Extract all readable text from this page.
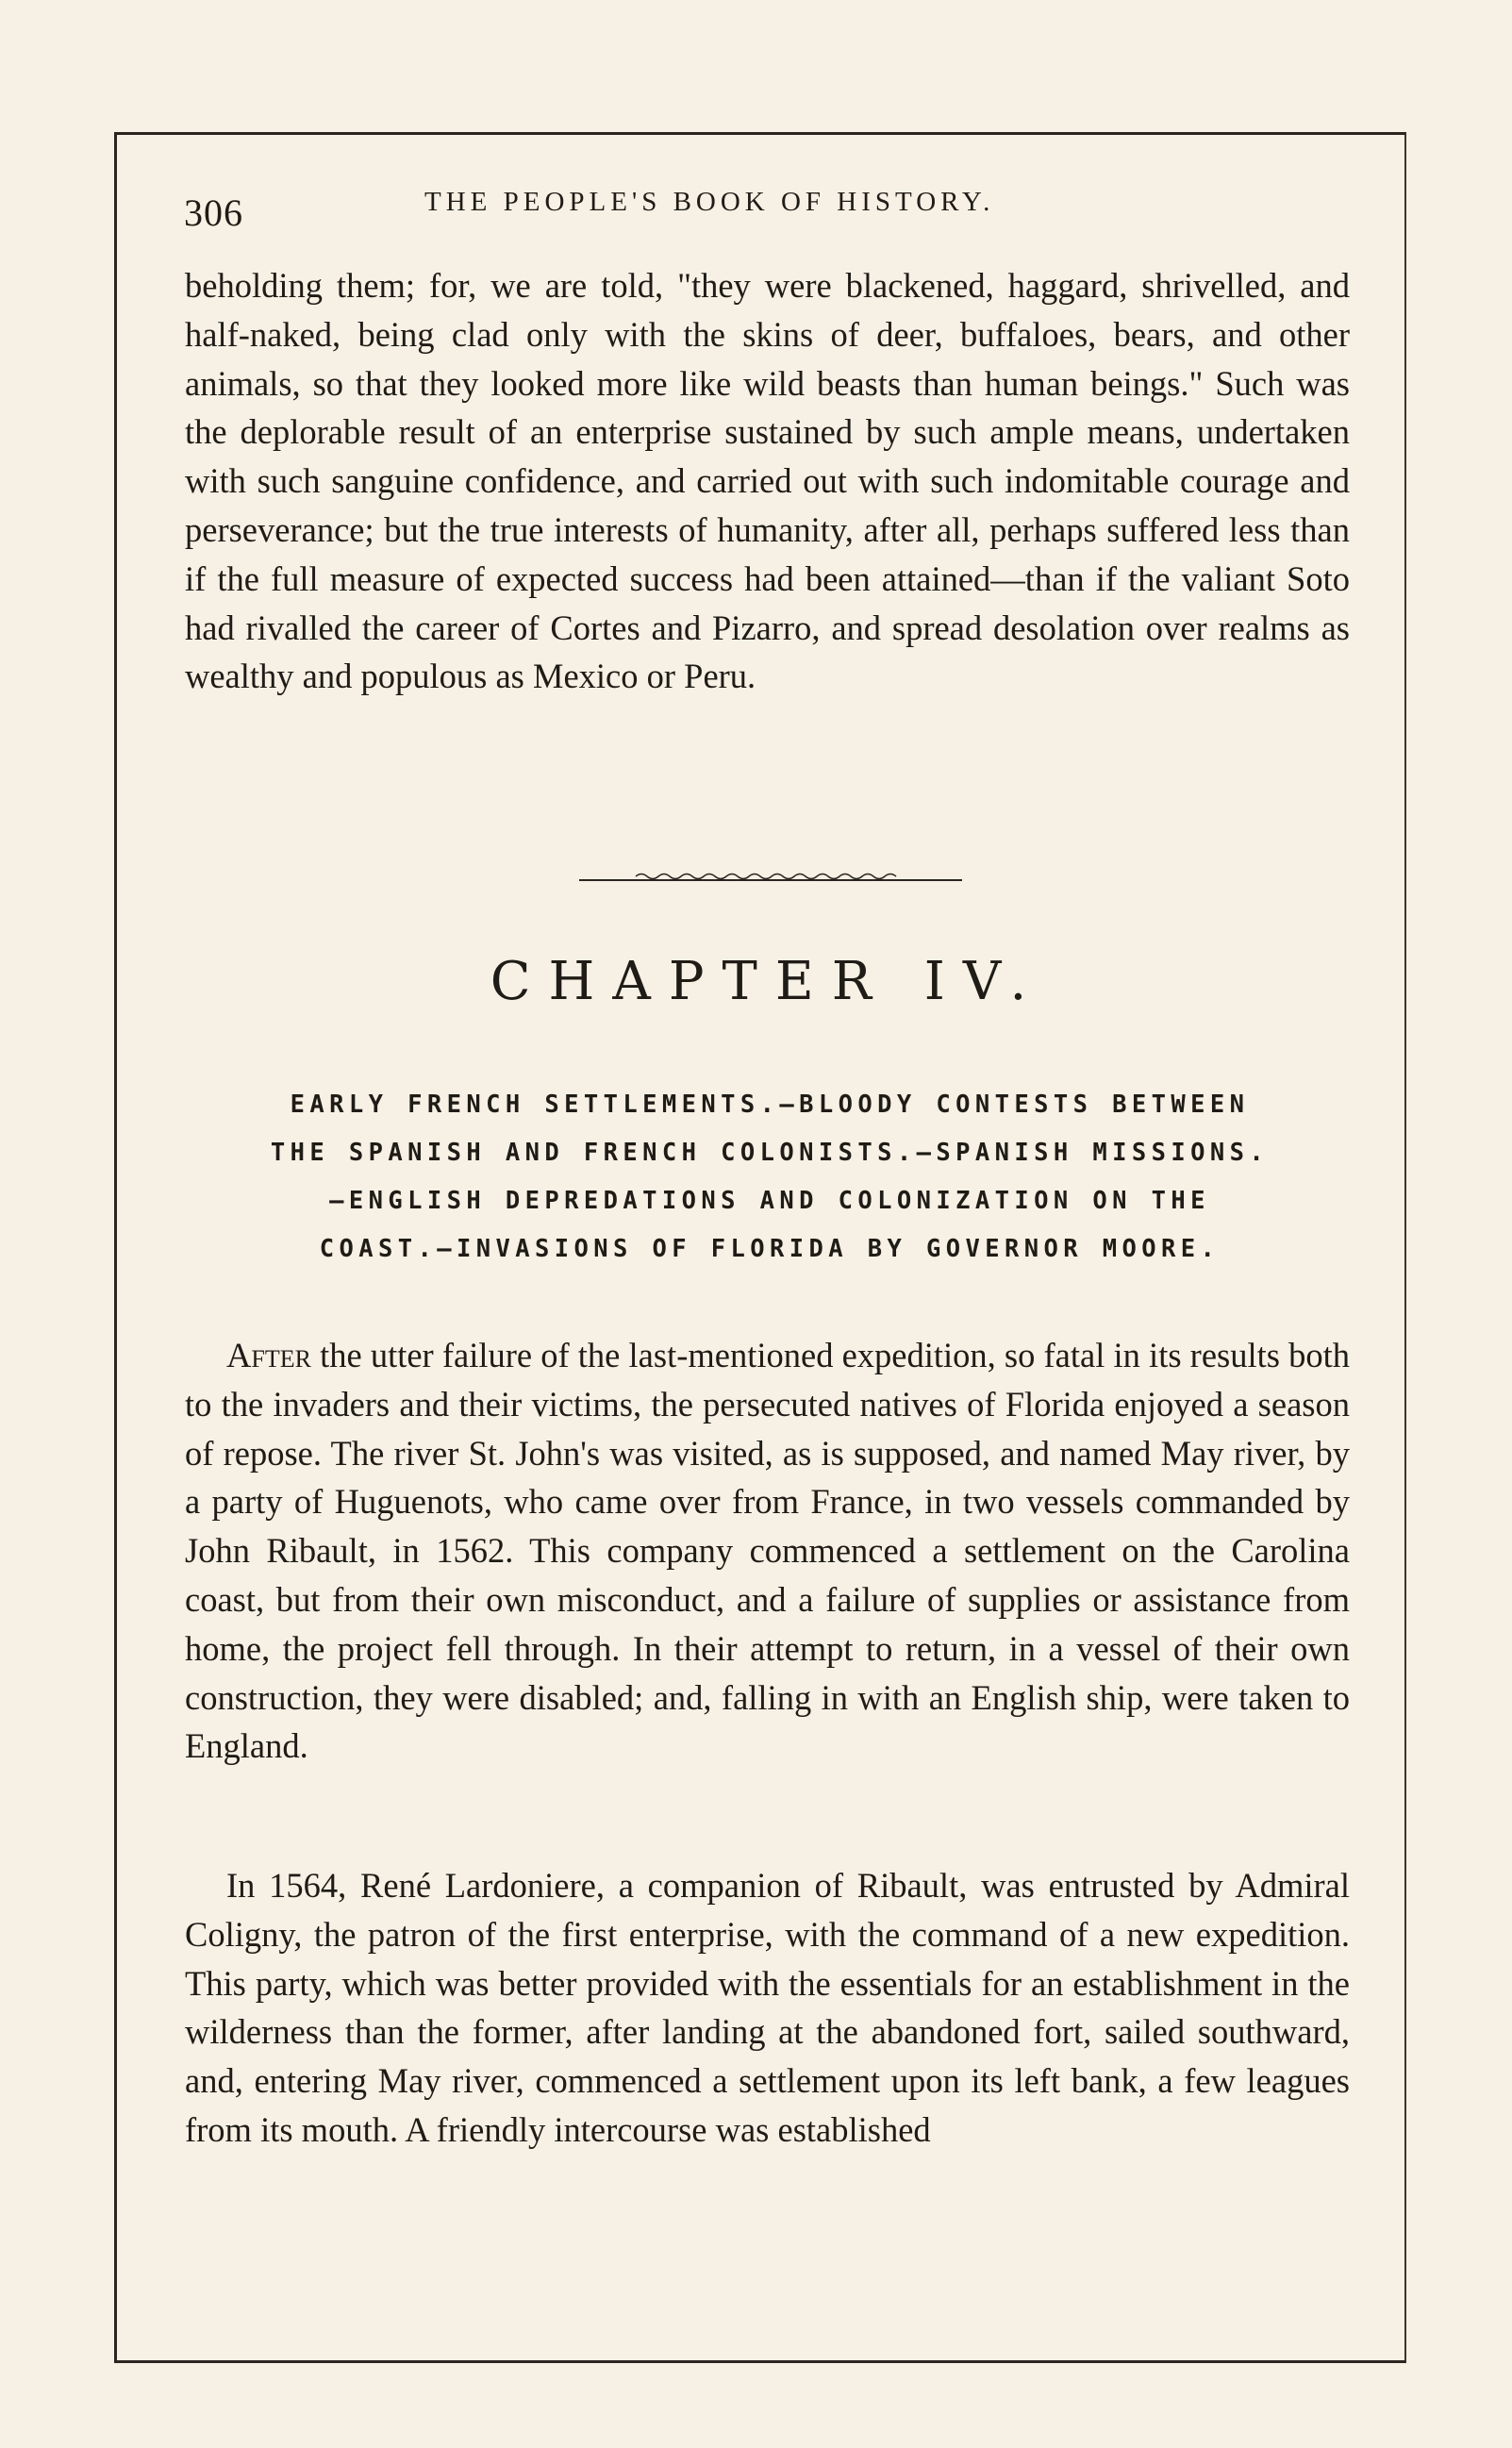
306	THE PEOPLE'S BOOK OF HISTORY.

beholding them; for, we are told, "they were blackened, haggard, shrivelled, and half-naked, being clad only with the skins of deer, buffaloes, bears, and other animals, so that they looked more like wild beasts than human beings." Such was the deplorable result of an enterprise sustained by such ample means, undertaken with such sanguine confidence, and carried out with such indomitable courage and perseverance; but the true interests of humanity, after all, perhaps suffered less than if the full measure of expected success had been attained—than if the valiant Soto had rivalled the career of Cortes and Pizarro, and spread desolation over realms as wealthy and populous as Mexico or Peru.

CHAPTER IV.

EARLY FRENCH SETTLEMENTS.—BLOODY CONTESTS BETWEEN
THE SPANISH AND FRENCH COLONISTS.—SPANISH MISSIONS.
—ENGLISH DEPREDATIONS AND COLONIZATION ON THE
COAST.—INVASIONS OF FLORIDA BY GOVERNOR MOORE.

After the utter failure of the last-mentioned expedition, so fatal in its results both to the invaders and their victims, the persecuted natives of Florida enjoyed a season of repose. The river St. John's was visited, as is supposed, and named May river, by a party of Huguenots, who came over from France, in two vessels commanded by John Ribault, in 1562. This company commenced a settlement on the Carolina coast, but from their own misconduct, and a failure of supplies or assistance from home, the project fell through. In their attempt to return, in a vessel of their own construction, they were disabled; and, falling in with an English ship, were taken to England.

In 1564, René Lardoniere, a companion of Ribault, was entrusted by Admiral Coligny, the patron of the first enterprise, with the command of a new expedition. This party, which was better provided with the essentials for an establishment in the wilderness than the former, after landing at the abandoned fort, sailed southward, and, entering May river, commenced a settlement upon its left bank, a few leagues from its mouth. A friendly intercourse was established
